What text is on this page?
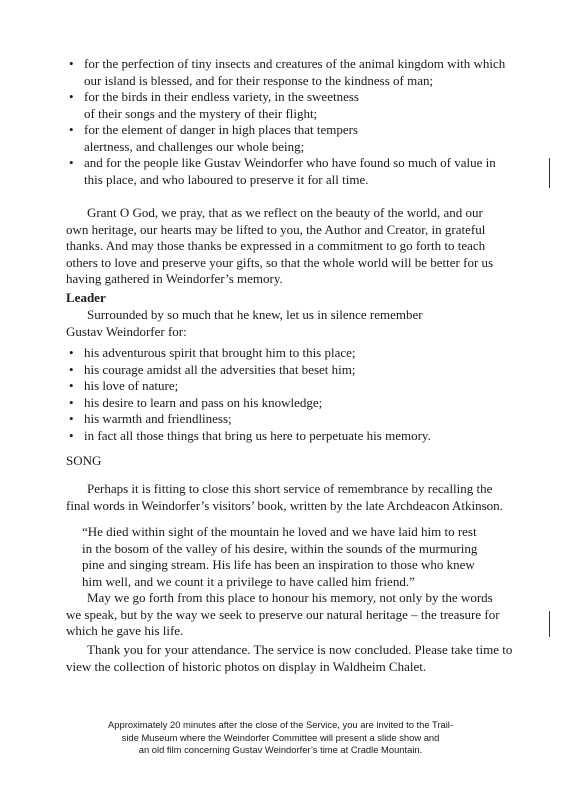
• for the perfection of tiny insects and creatures of the animal kingdom with which
our island is blessed, and for their response to the kindness of man;
• for the birds in their endless variety, in the sweetness
of their songs and the mystery of their flight;
• for the element of danger in high places that tempers
alertness, and challenges our whole being;
• and for the people like Gustav Weindorfer who have found so much of value in
this place, and who laboured to preserve it for all time.
Grant O God, we pray, that as we reflect on the beauty of the world, and our
own heritage, our hearts may be lifted to you, the Author and Creator, in grateful
thanks. And may those thanks be expressed in a commitment to go forth to teach
others to love and preserve your gifts, so that the whole world will be better for us
having gathered in Weindorfer’s memory.
Leader
Surrounded by so much that he knew, let us in silence remember
Gustav Weindorfer for:
• his adventurous spirit that brought him to this place;
• his courage amidst all the adversities that beset him;
• his love of nature;
• his desire to learn and pass on his knowledge;
• his warmth and friendliness;
• in fact all those things that bring us here to perpetuate his memory.
SONG
Perhaps it is fitting to close this short service of remembrance by recalling the
final words in Weindorfer’s visitors’ book, written by the late Archdeacon Atkinson.
“He died within sight of the mountain he loved and we have laid him to rest
in the bosom of the valley of his desire, within the sounds of the murmuring
pine and singing stream. His life has been an inspiration to those who knew
him well, and we count it a privilege to have called him friend.”
May we go forth from this place to honour his memory, not only by the words
we speak, but by the way we seek to preserve our natural heritage – the treasure for
which he gave his life.
Thank you for your attendance. The service is now concluded. Please take time to
view the collection of historic photos on display in Waldheim Chalet.
Approximately 20 minutes after the close of the Service, you are invited to the Trail-
side Museum where the Weindorfer Committee will present a slide show and
an old film concerning Gustav Weindorfer’s time at Cradle Mountain.
